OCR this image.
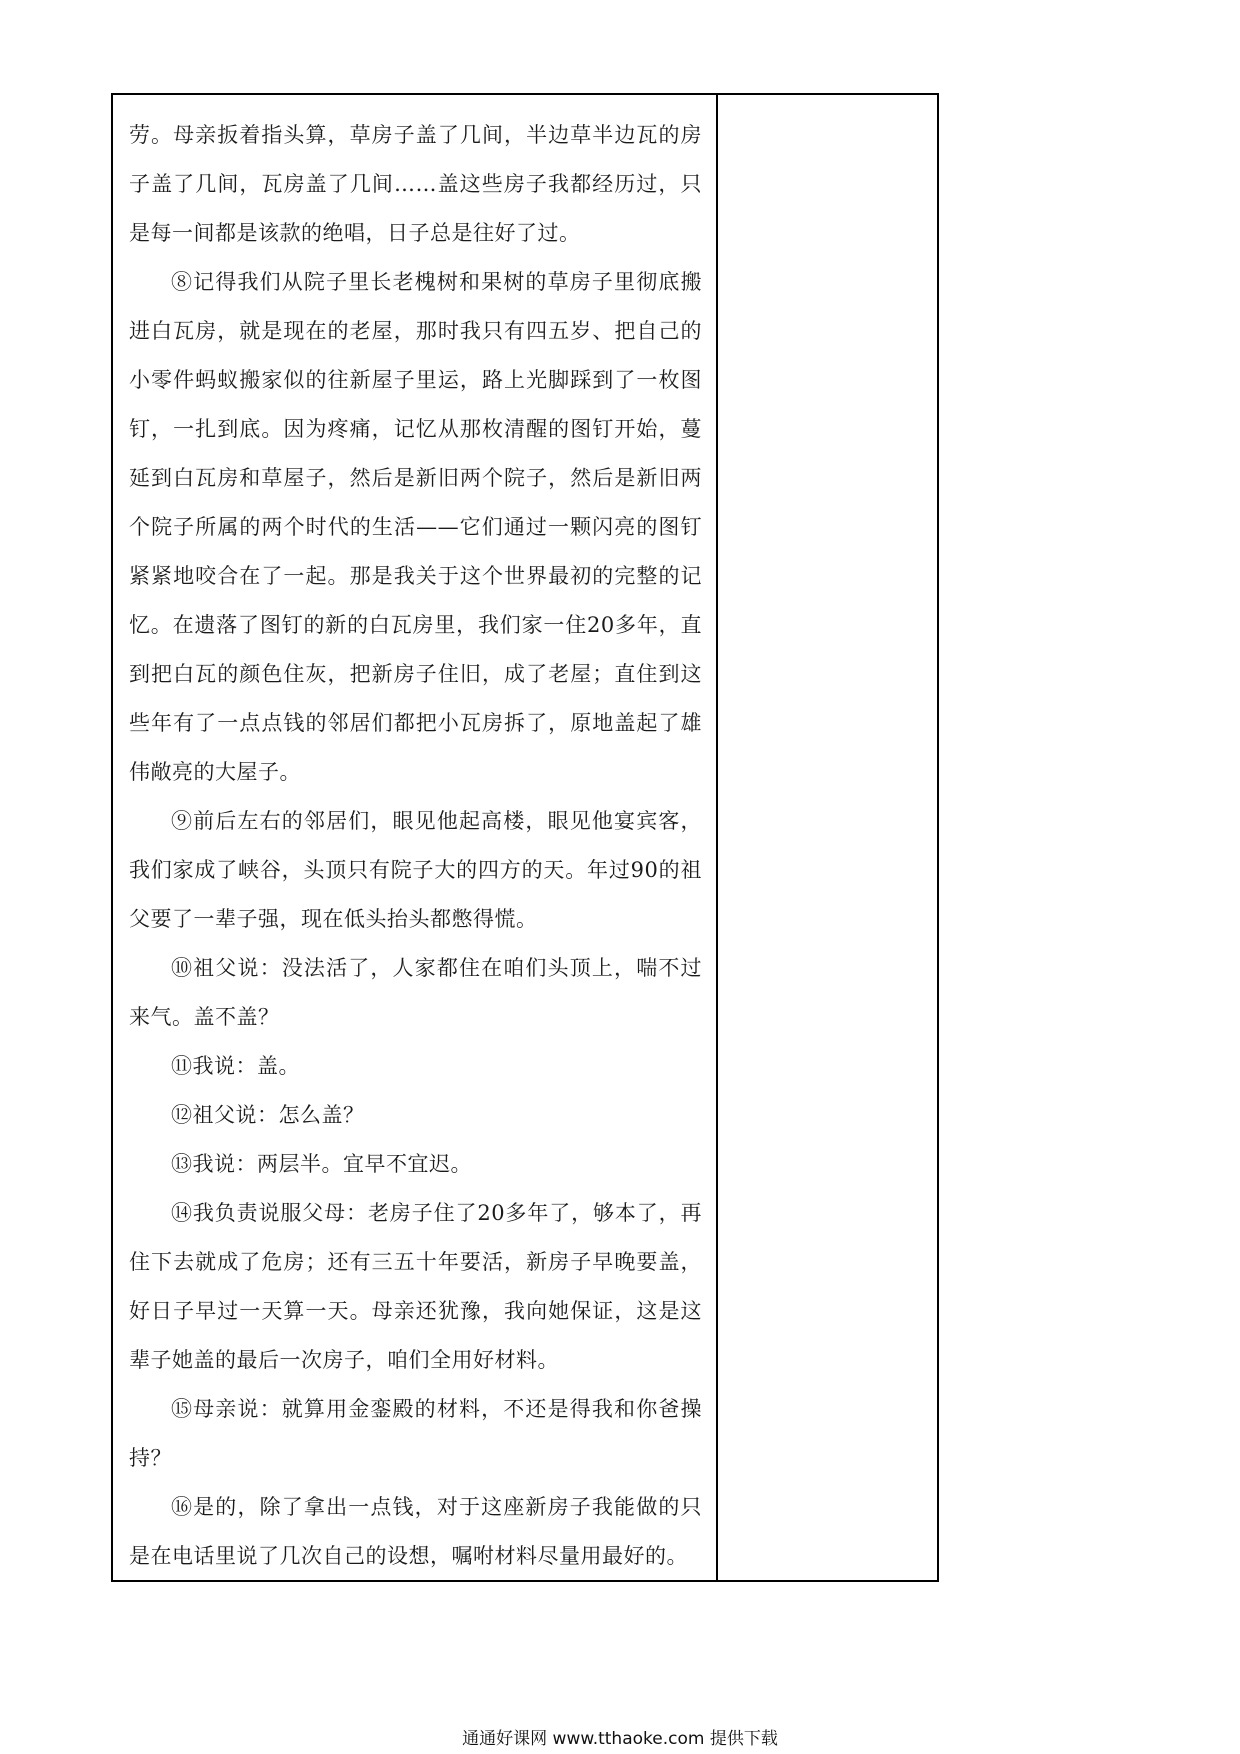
劳。母亲扳着指头算，草房子盖了几间，半边草半边瓦的房子盖了几间，瓦房盖了几间……盖这些房子我都经历过，只是每一间都是该款的绝唱，日子总是往好了过。

⑧记得我们从院子里长老槐树和果树的草房子里彻底搬进白瓦房，就是现在的老屋，那时我只有四五岁、把自己的小零件蚂蚁搬家似的往新屋子里运，路上光脚踩到了一枚图钉，一扎到底。因为疼痛，记忆从那枚清醒的图钉开始，蔓延到白瓦房和草屋子，然后是新旧两个院子，然后是新旧两个院子所属的两个时代的生活——它们通过一颗闪亮的图钉紧紧地咬合在了一起。那是我关于这个世界最初的完整的记忆。在遗落了图钉的新的白瓦房里，我们家一住20多年，直到把白瓦的颜色住灰，把新房子住旧，成了老屋；直住到这些年有了一点点钱的邻居们都把小瓦房拆了，原地盖起了雄伟敞亮的大屋子。

⑨前后左右的邻居们，眼见他起高楼，眼见他宴宾客，我们家成了峡谷，头顶只有院子大的四方的天。年过90的祖父要了一辈子强，现在低头抬头都憋得慌。

⑩祖父说：没法活了，人家都住在咱们头顶上，喘不过来气。盖不盖？

⑪我说：盖。

⑫祖父说：怎么盖？

⑬我说：两层半。宜早不宜迟。

⑭我负责说服父母：老房子住了20多年了，够本了，再住下去就成了危房；还有三五十年要活，新房子早晚要盖，好日子早过一天算一天。母亲还犹豫，我向她保证，这是这辈子她盖的最后一次房子，咱们全用好材料。

⑮母亲说：就算用金銮殿的材料，不还是得我和你爸操持？

⑯是的，除了拿出一点钱，对于这座新房子我能做的只是在电话里说了几次自己的设想，嘱咐材料尽量用最好的。

通通好课网 www.tthaoke.com 提供下载
